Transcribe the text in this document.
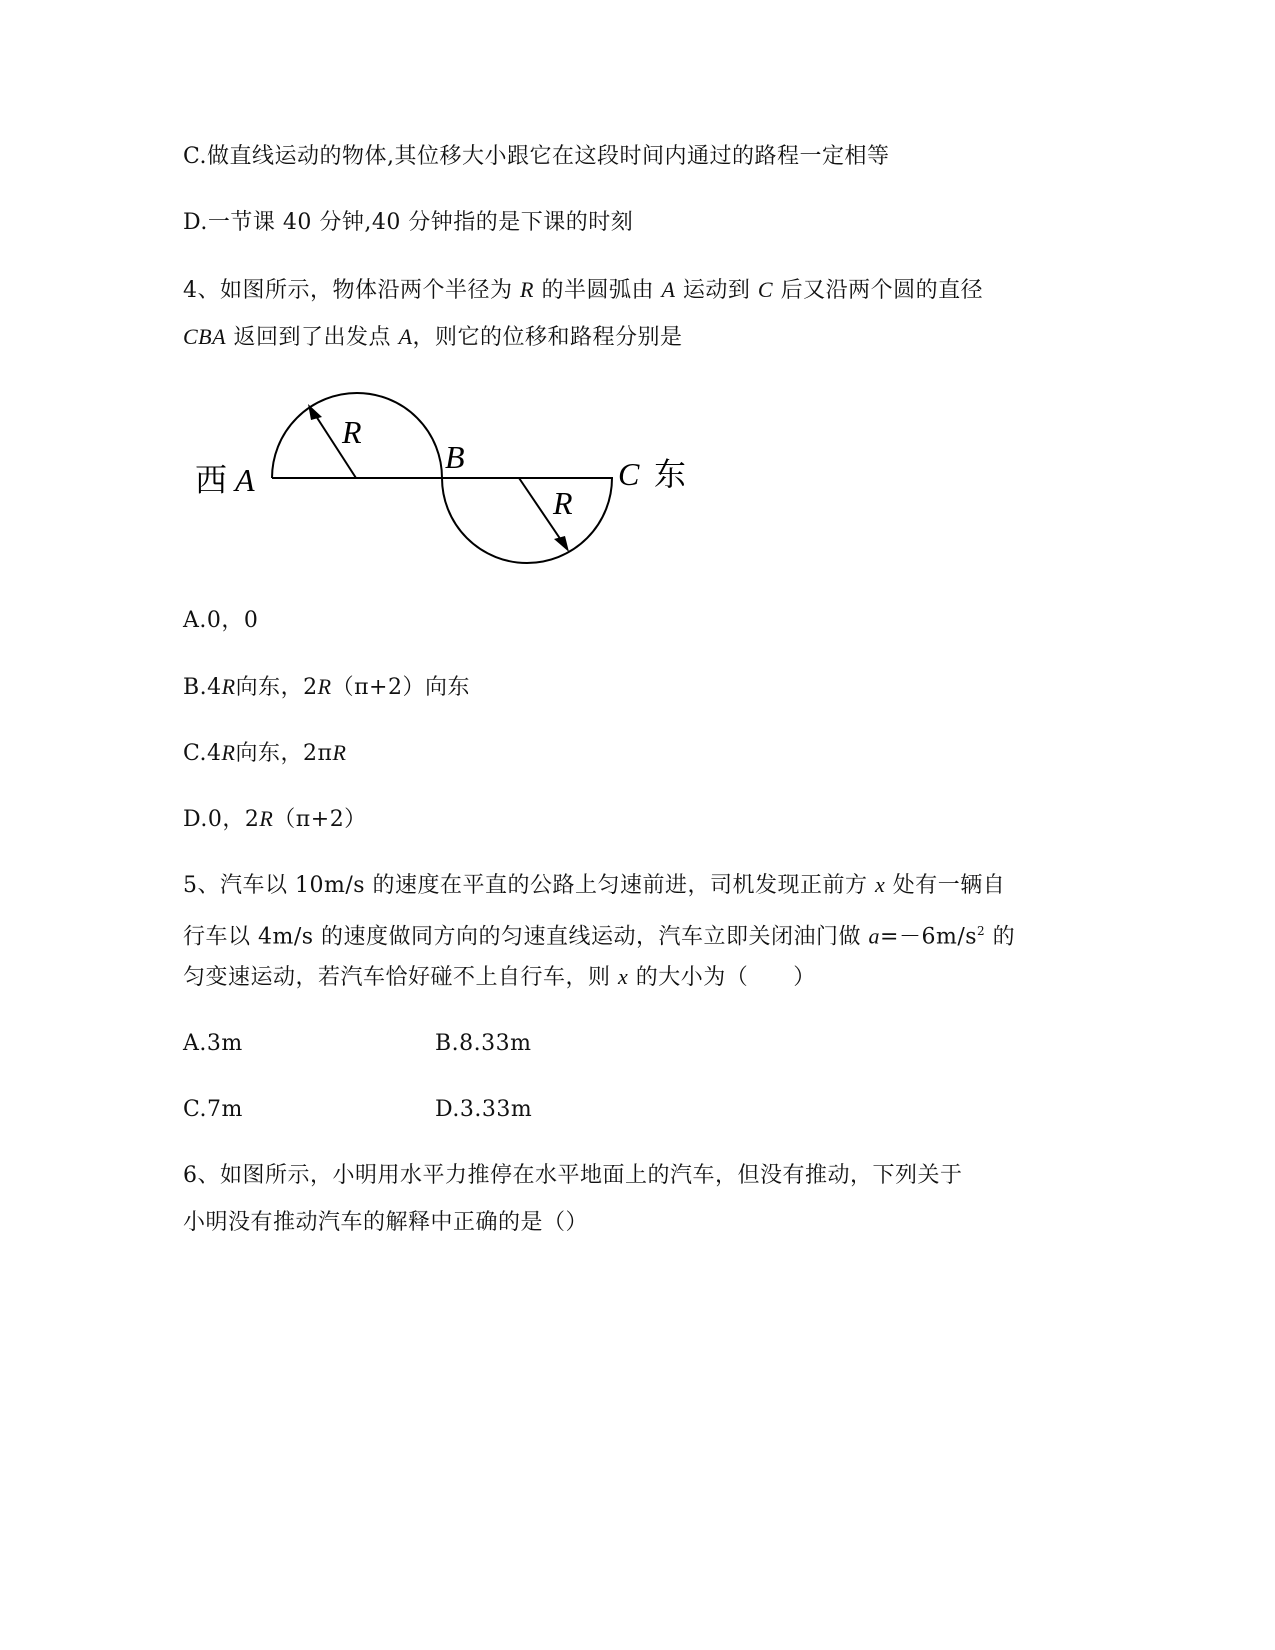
C.做直线运动的物体,其位移大小跟它在这段时间内通过的路程一定相等
D.一节课 40 分钟,40 分钟指的是下课的时刻
4、如图所示，物体沿两个半径为 R 的半圆弧由 A 运动到 C 后又沿两个圆的直径
CBA 返回到了出发点 A，则它的位移和路程分别是
西 A
B	C 东
R
R
A.0，0
B.4R向东，2R（π+2）向东
C.4R向东，2πR
D.0，2R（π+2）
5、汽车以 10m/s 的速度在平直的公路上匀速前进，司机发现正前方 x 处有一辆自
行车以 4m/s 的速度做同方向的匀速直线运动，汽车立即关闭油门做 $a=-6m/s^2$ 的
匀变速运动，若汽车恰好碰不上自行车，则 x 的大小为（　　）
A.3m	B.8.33m
C.7m	D.3.33m
6、如图所示，小明用水平力推停在水平地面上的汽车，但没有推动，下列关于
小明没有推动汽车的解释中正确的是（）
